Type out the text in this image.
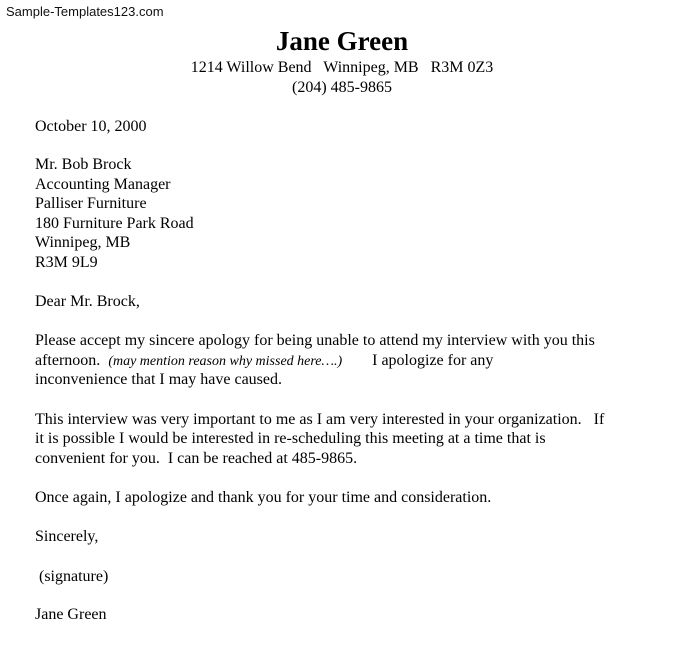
Sample-Templates123.com
Jane Green
1214 Willow Bend   Winnipeg, MB   R3M 0Z3
(204) 485-9865
October 10, 2000
Mr. Bob Brock
Accounting Manager
Palliser Furniture
180 Furniture Park Road
Winnipeg, MB
R3M 9L9
Dear Mr. Brock,
Please accept my sincere apology for being unable to attend my interview with you this
afternoon. (may mention reason why missed here….) I apologize for any
inconvenience that I may have caused.
This interview was very important to me as I am very interested in your organization.   If
it is possible I would be interested in re-scheduling this meeting at a time that is
convenient for you.  I can be reached at 485-9865.
Once again, I apologize and thank you for your time and consideration.
Sincerely,
(signature)
Jane Green
